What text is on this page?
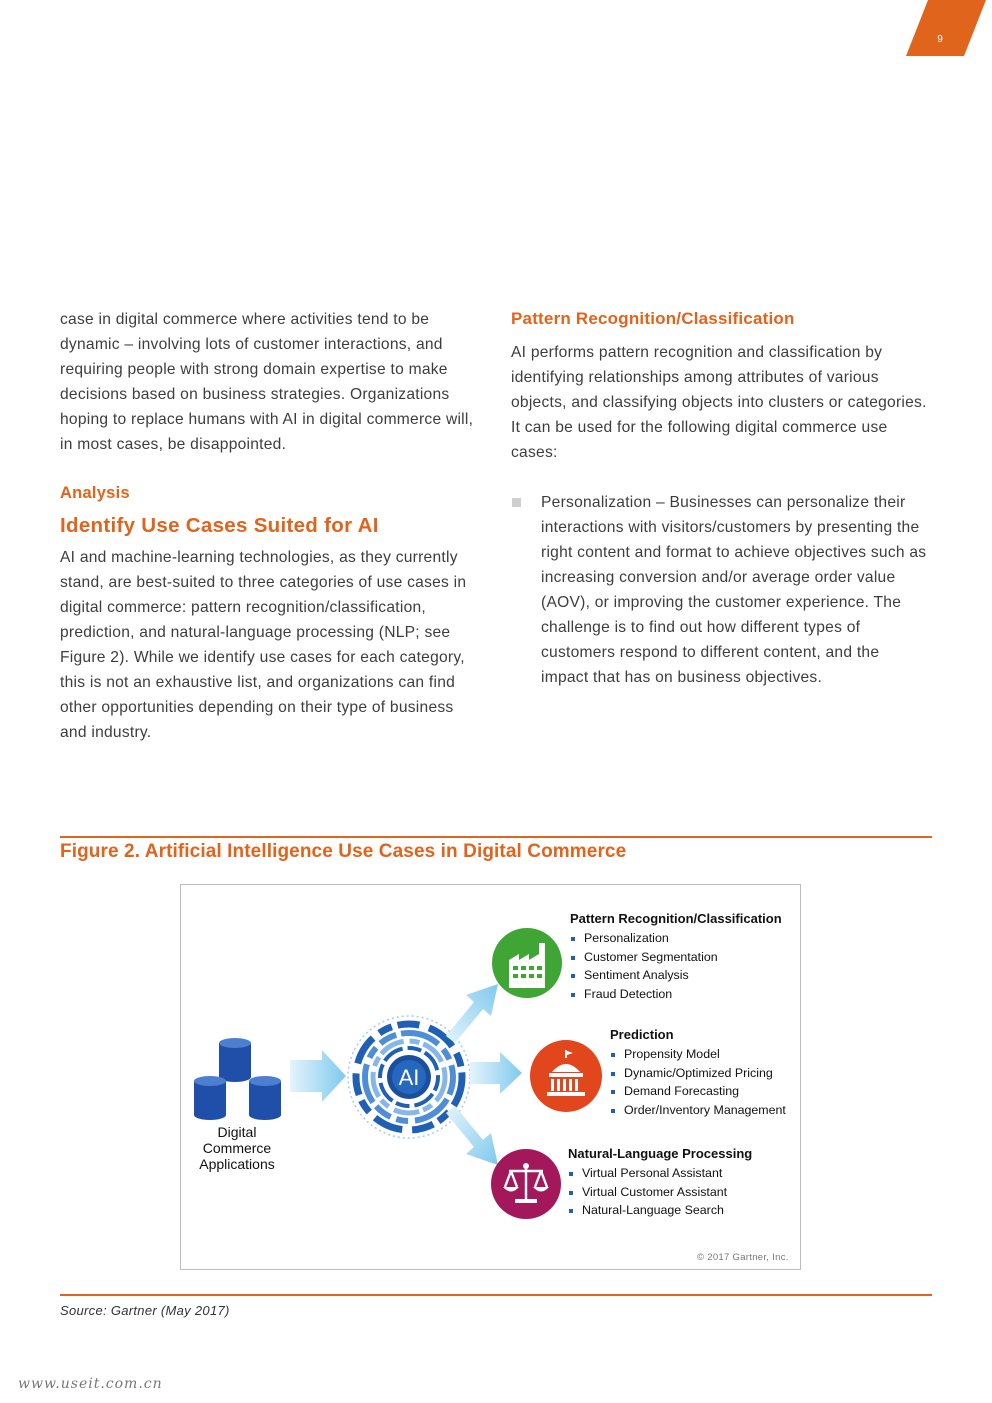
9

case in digital commerce where activities tend to be dynamic – involving lots of customer interactions, and requiring people with strong domain expertise to make decisions based on business strategies. Organizations hoping to replace humans with AI in digital commerce will, in most cases, be disappointed.

Analysis

Identify Use Cases Suited for AI

AI and machine-learning technologies, as they currently stand, are best-suited to three categories of use cases in digital commerce: pattern recognition/classification, prediction, and natural-language processing (NLP; see Figure 2). While we identify use cases for each category, this is not an exhaustive list, and organizations can find other opportunities depending on their type of business and industry.

Pattern Recognition/Classification

AI performs pattern recognition and classification by identifying relationships among attributes of various objects, and classifying objects into clusters or categories. It can be used for the following digital commerce use cases:

Personalization – Businesses can personalize their interactions with visitors/customers by presenting the right content and format to achieve objectives such as increasing conversion and/or average order value (AOV), or improving the customer experience. The challenge is to find out how different types of customers respond to different content, and the impact that has on business objectives.

Figure 2. Artificial Intelligence Use Cases in Digital Commerce
AI
Digital Commerce Applications
Pattern Recognition/Classification
Personalization
Customer Segmentation
Sentiment Analysis
Fraud Detection
Prediction
Propensity Model
Dynamic/Optimized Pricing
Demand Forecasting
Order/Inventory Management
Natural-Language Processing
Virtual Personal Assistant
Virtual Customer Assistant
Natural-Language Search
© 2017 Gartner, Inc.
Source: Gartner (May 2017)
www.useit.com.cn
